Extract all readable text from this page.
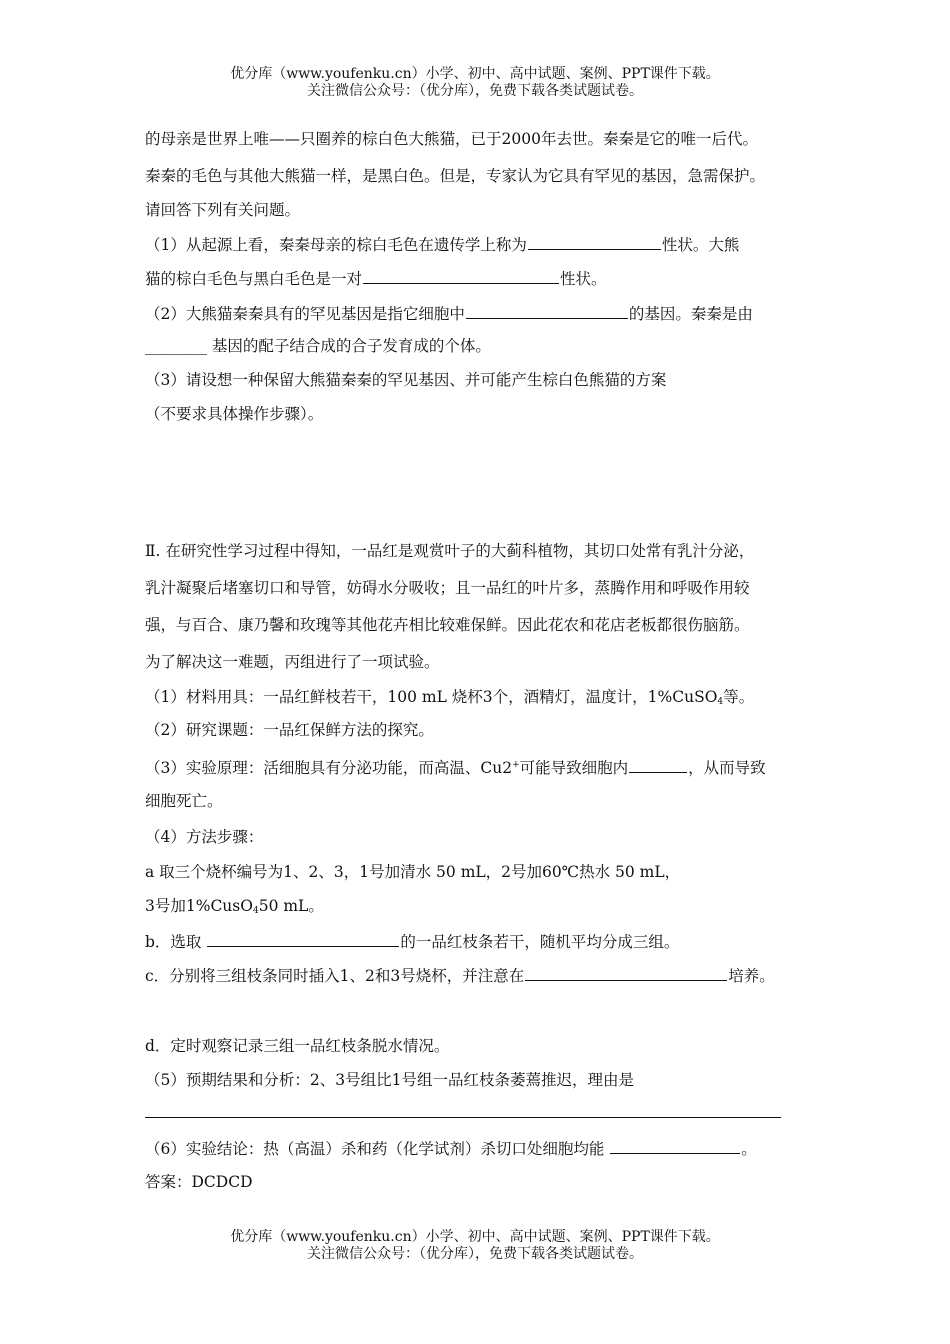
优分库（www.youfenku.cn）小学、初中、高中试题、案例、PPT课件下载。
关注微信公众号：（优分库），免费下载各类试题试卷。
的母亲是世界上唯——只圈养的棕白色大熊猫，已于2000年去世。秦秦是它的唯一后代。
秦秦的毛色与其他大熊猫一样，是黑白色。但是，专家认为它具有罕见的基因，急需保护。
请回答下列有关问题。
（1）从起源上看，秦秦母亲的棕白毛色在遗传学上称为	性状。大熊
猫的棕白毛色与黑白毛色是一对	性状。
（2）大熊猫秦秦具有的罕见基因是指它细胞中	的基因。秦秦是由
________ 基因的配子结合成的合子发育成的个体。
（3）请设想一种保留大熊猫秦秦的罕见基因、并可能产生棕白色熊猫的方案
（不要求具体操作步骤）。
Ⅱ. 在研究性学习过程中得知，一品红是观赏叶子的大蓟科植物，其切口处常有乳汁分泌，
乳汁凝聚后堵塞切口和导管，妨碍水分吸收；且一品红的叶片多，蒸腾作用和呼吸作用较
强，与百合、康乃馨和玫瑰等其他花卉相比较难保鲜。因此花农和花店老板都很伤脑筋。
为了解决这一难题，丙组进行了一项试验。
（1）材料用具：一品红鲜枝若干，100 mL 烧杯3个，酒精灯，温度计，1%CuSO$_4$等。
（2）研究课题：一品红保鲜方法的探究。
（3）实验原理：活细胞具有分泌功能，而高温、Cu2+可能导致细胞内	，从而导致
细胞死亡。
（4）方法步骤：
a 取三个烧杯编号为1、2、3，1号加清水 50 mL，2号加60℃热水 50 mL，
3号加1%CusO$_4$50 mL。
b．选取	的一品红枝条若干，随机平均分成三组。
c．分别将三组枝条同时插入1、2和3号烧杯，并注意在	培养。
d．定时观察记录三组一品红枝条脱水情况。
（5）预期结果和分析：2、3号组比1号组一品红枝条萎蔫推迟，理由是
（6）实验结论：热（高温）杀和药（化学试剂）杀切口处细胞均能	。
答案：DCDCD
优分库（www.youfenku.cn）小学、初中、高中试题、案例、PPT课件下载。
关注微信公众号：（优分库），免费下载各类试题试卷。
